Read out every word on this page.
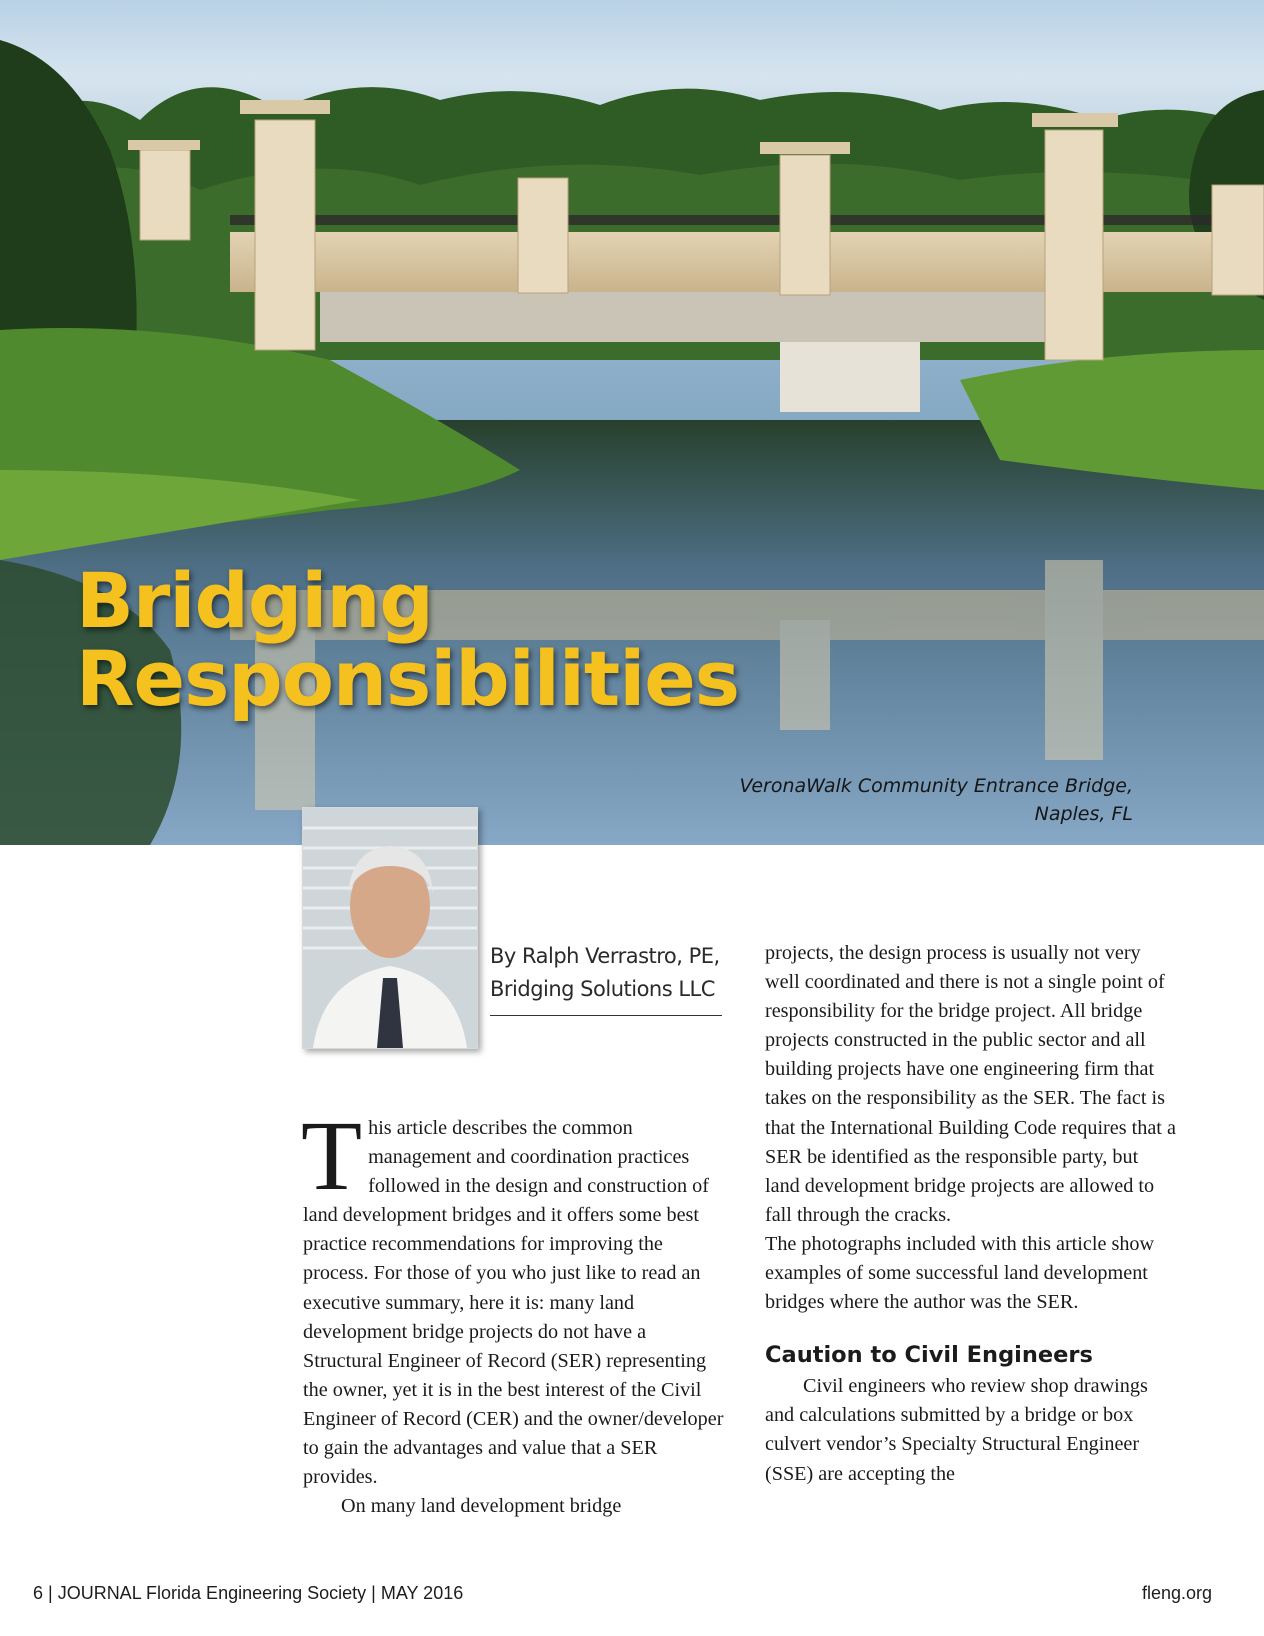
Bridging
Responsibilities
VeronaWalk Community Entrance Bridge,
Naples, FL
By Ralph Verrastro, PE,
Bridging Solutions LLC

This article describes the common management and coordination practices followed in the design and construction of land development bridges and it offers some best practice recommendations for improving the process. For those of you who just like to read an executive summary, here it is: many land development bridge projects do not have a Structural Engineer of Record (SER) representing the owner, yet it is in the best interest of the Civil Engineer of Record (CER) and the owner/developer to gain the advantages and value that a SER provides.

On many land development bridge

projects, the design process is usually not very well coordinated and there is not a single point of responsibility for the bridge project. All bridge projects constructed in the public sector and all building projects have one engineering firm that takes on the responsibility as the SER. The fact is that the International Building Code requires that a SER be identified as the responsible party, but land development bridge projects are allowed to fall through the cracks.

The photographs included with this article show examples of some successful land development bridges where the author was the SER.

Caution to Civil Engineers

Civil engineers who review shop drawings and calculations submitted by a bridge or box culvert vendor’s Specialty Structural Engineer (SSE) are accepting the

6 | JOURNAL Florida Engineering Society | MAY 2016	fleng.org
